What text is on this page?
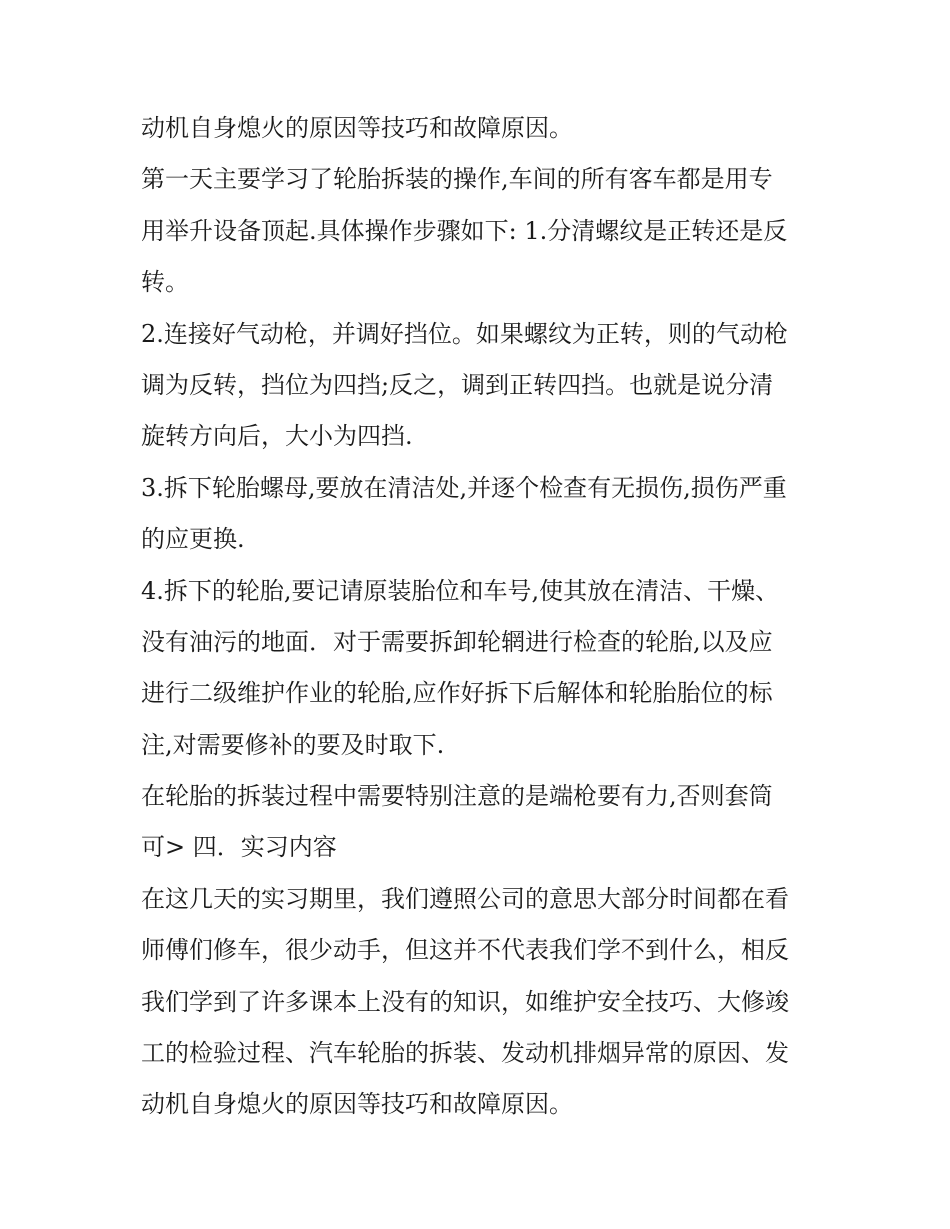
动机自身熄火的原因等技巧和故障原因。
第一天主要学习了轮胎拆装的操作,车间的所有客车都是用专
用举升设备顶起.具体操作步骤如下: 1.分清螺纹是正转还是反
转。
2.连接好气动枪，并调好挡位。如果螺纹为正转，则的气动枪
调为反转，挡位为四挡;反之，调到正转四挡。也就是说分清
旋转方向后，大小为四挡.
3.拆下轮胎螺母,要放在清洁处,并逐个检查有无损伤,损伤严重
的应更换.
4.拆下的轮胎,要记请原装胎位和车号,使其放在清洁、干燥、
没有油污的地面．对于需要拆卸轮辋进行检查的轮胎,以及应
进行二级维护作业的轮胎,应作好拆下后解体和轮胎胎位的标
注,对需要修补的要及时取下.
在轮胎的拆装过程中需要特别注意的是端枪要有力,否则套筒
可> 四．实习内容
在这几天的实习期里，我们遵照公司的意思大部分时间都在看
师傅们修车，很少动手，但这并不代表我们学不到什么，相反
我们学到了许多课本上没有的知识，如维护安全技巧、大修竣
工的检验过程、汽车轮胎的拆装、发动机排烟异常的原因、发
动机自身熄火的原因等技巧和故障原因。
